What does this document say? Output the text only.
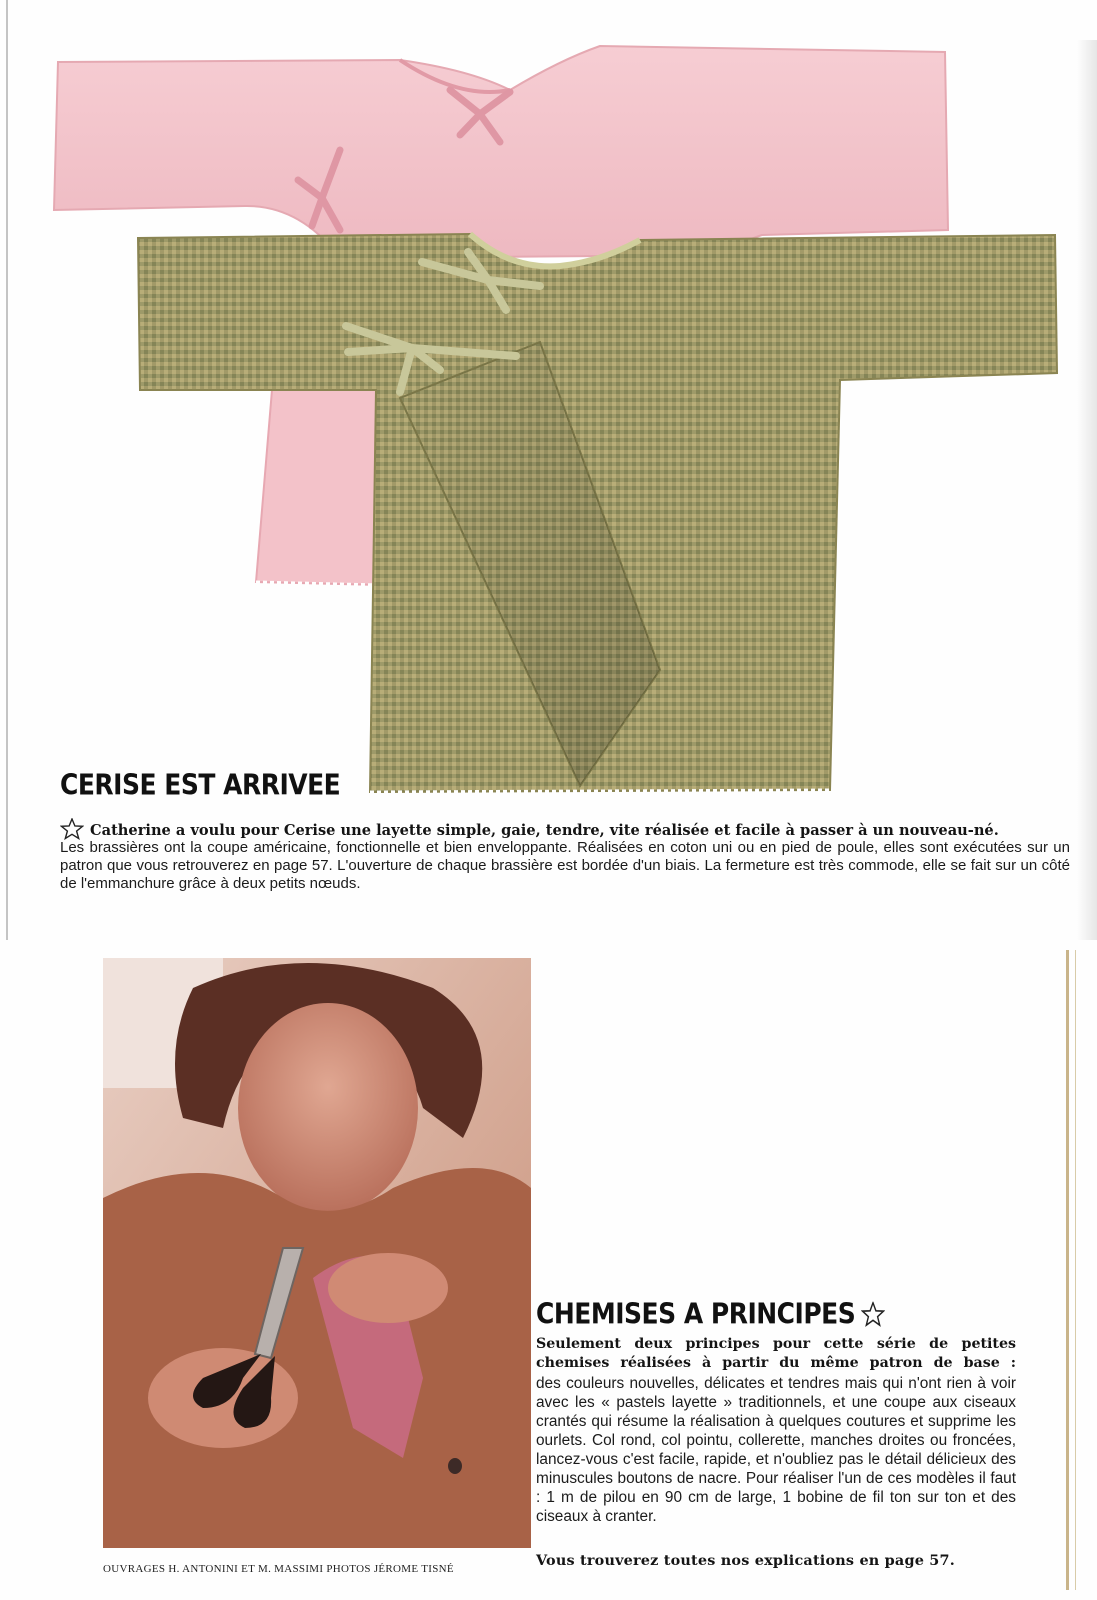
CERISE EST ARRIVEE

Catherine a voulu pour Cerise une layette simple, gaie, tendre, vite réalisée et facile à passer à un nouveau-né.

Les brassières ont la coupe américaine, fonctionnelle et bien enveloppante. Réalisées en coton uni ou en pied de poule, elles sont exécutées sur un patron que vous retrouverez en page 57. L'ouverture de chaque brassière est bordée d'un biais. La fermeture est très commode, elle se fait sur un côté de l'emmanchure grâce à deux petits nœuds.

OUVRAGES H. ANTONINI ET M. MASSIMI PHOTOS JÉROME TISNÉ

CHEMISES A PRINCIPES

Seulement deux principes pour cette série de petites chemises réalisées à partir du même patron de base :

des couleurs nouvelles, délicates et tendres mais qui n'ont rien à voir avec les « pastels layette » traditionnels, et une coupe aux ciseaux crantés qui résume la réalisation à quelques coutures et supprime les ourlets. Col rond, col pointu, collerette, manches droites ou froncées, lancez-vous c'est facile, rapide, et n'oubliez pas le détail délicieux des minuscules boutons de nacre. Pour réaliser l'un de ces modèles il faut : 1 m de pilou en 90 cm de large, 1 bobine de fil ton sur ton et des ciseaux à cranter.

Vous trouverez toutes nos explications en page 57.
